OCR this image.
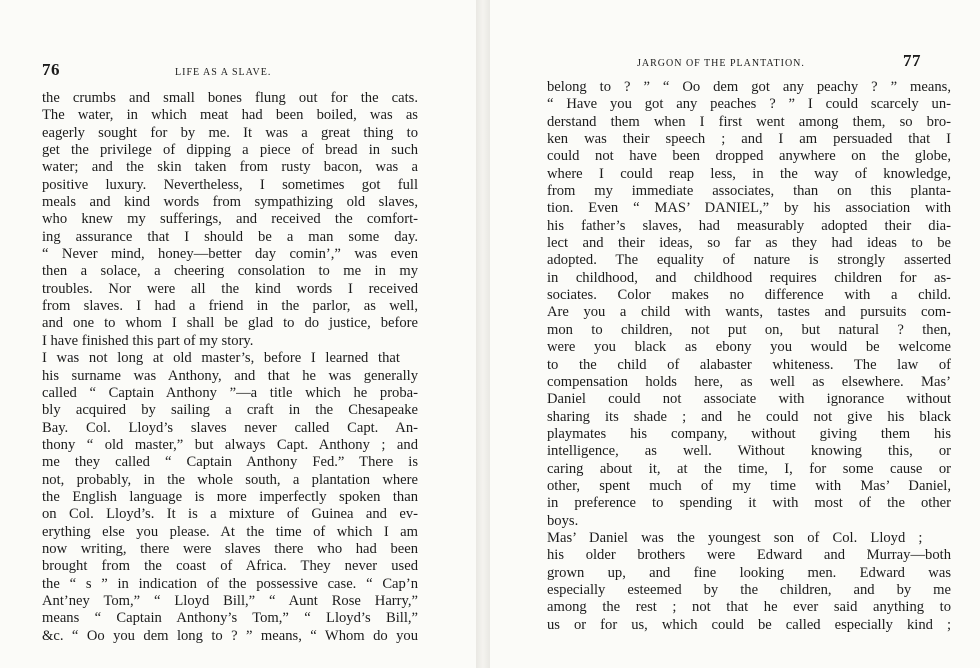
76	LIFE AS A SLAVE.
the crumbs and small bones flung out for the cats.
The water, in which meat had been boiled, was as
eagerly sought for by me. It was a great thing to
get the privilege of dipping a piece of bread in such
water; and the skin taken from rusty bacon, was a
positive luxury. Nevertheless, I sometimes got full
meals and kind words from sympathizing old slaves,
who knew my sufferings, and received the comfort-
ing assurance that I should be a man some day.
“ Never mind, honey—better day comin’,” was even
then a solace, a cheering consolation to me in my
troubles. Nor were all the kind words I received
from slaves. I had a friend in the parlor, as well,
and one to whom I shall be glad to do justice, before
I have finished this part of my story.
I was not long at old master’s, before I learned that
his surname was Anthony, and that he was generally
called “ Captain Anthony ”—a title which he proba-
bly acquired by sailing a craft in the Chesapeake
Bay. Col. Lloyd’s slaves never called Capt. An-
thony “ old master,” but always Capt. Anthony ; and
me they called “ Captain Anthony Fed.” There is
not, probably, in the whole south, a plantation where
the English language is more imperfectly spoken than
on Col. Lloyd’s. It is a mixture of Guinea and ev-
erything else you please. At the time of which I am
now writing, there were slaves there who had been
brought from the coast of Africa. They never used
the “ s ” in indication of the possessive case. “ Cap’n
Ant’ney Tom,” “ Lloyd Bill,” “ Aunt Rose Harry,”
means “ Captain Anthony’s Tom,” “ Lloyd’s Bill,”
&c. “ Oo you dem long to ? ” means, “ Whom do you
JARGON OF THE PLANTATION.	77
belong to ? ” “ Oo dem got any peachy ? ” means,
“ Have you got any peaches ? ” I could scarcely un-
derstand them when I first went among them, so bro-
ken was their speech ; and I am persuaded that I
could not have been dropped anywhere on the globe,
where I could reap less, in the way of knowledge,
from my immediate associates, than on this planta-
tion. Even “ MAS’ DANIEL,” by his association with
his father’s slaves, had measurably adopted their dia-
lect and their ideas, so far as they had ideas to be
adopted. The equality of nature is strongly asserted
in childhood, and childhood requires children for as-
sociates. Color makes no difference with a child.
Are you a child with wants, tastes and pursuits com-
mon to children, not put on, but natural ? then,
were you black as ebony you would be welcome
to the child of alabaster whiteness. The law of
compensation holds here, as well as elsewhere. Mas’
Daniel could not associate with ignorance without
sharing its shade ; and he could not give his black
playmates his company, without giving them his
intelligence, as well. Without knowing this, or
caring about it, at the time, I, for some cause or
other, spent much of my time with Mas’ Daniel,
in preference to spending it with most of the other
boys.
Mas’ Daniel was the youngest son of Col. Lloyd ;
his older brothers were Edward and Murray—both
grown up, and fine looking men. Edward was
especially esteemed by the children, and by me
among the rest ; not that he ever said anything to
us or for us, which could be called especially kind ;
